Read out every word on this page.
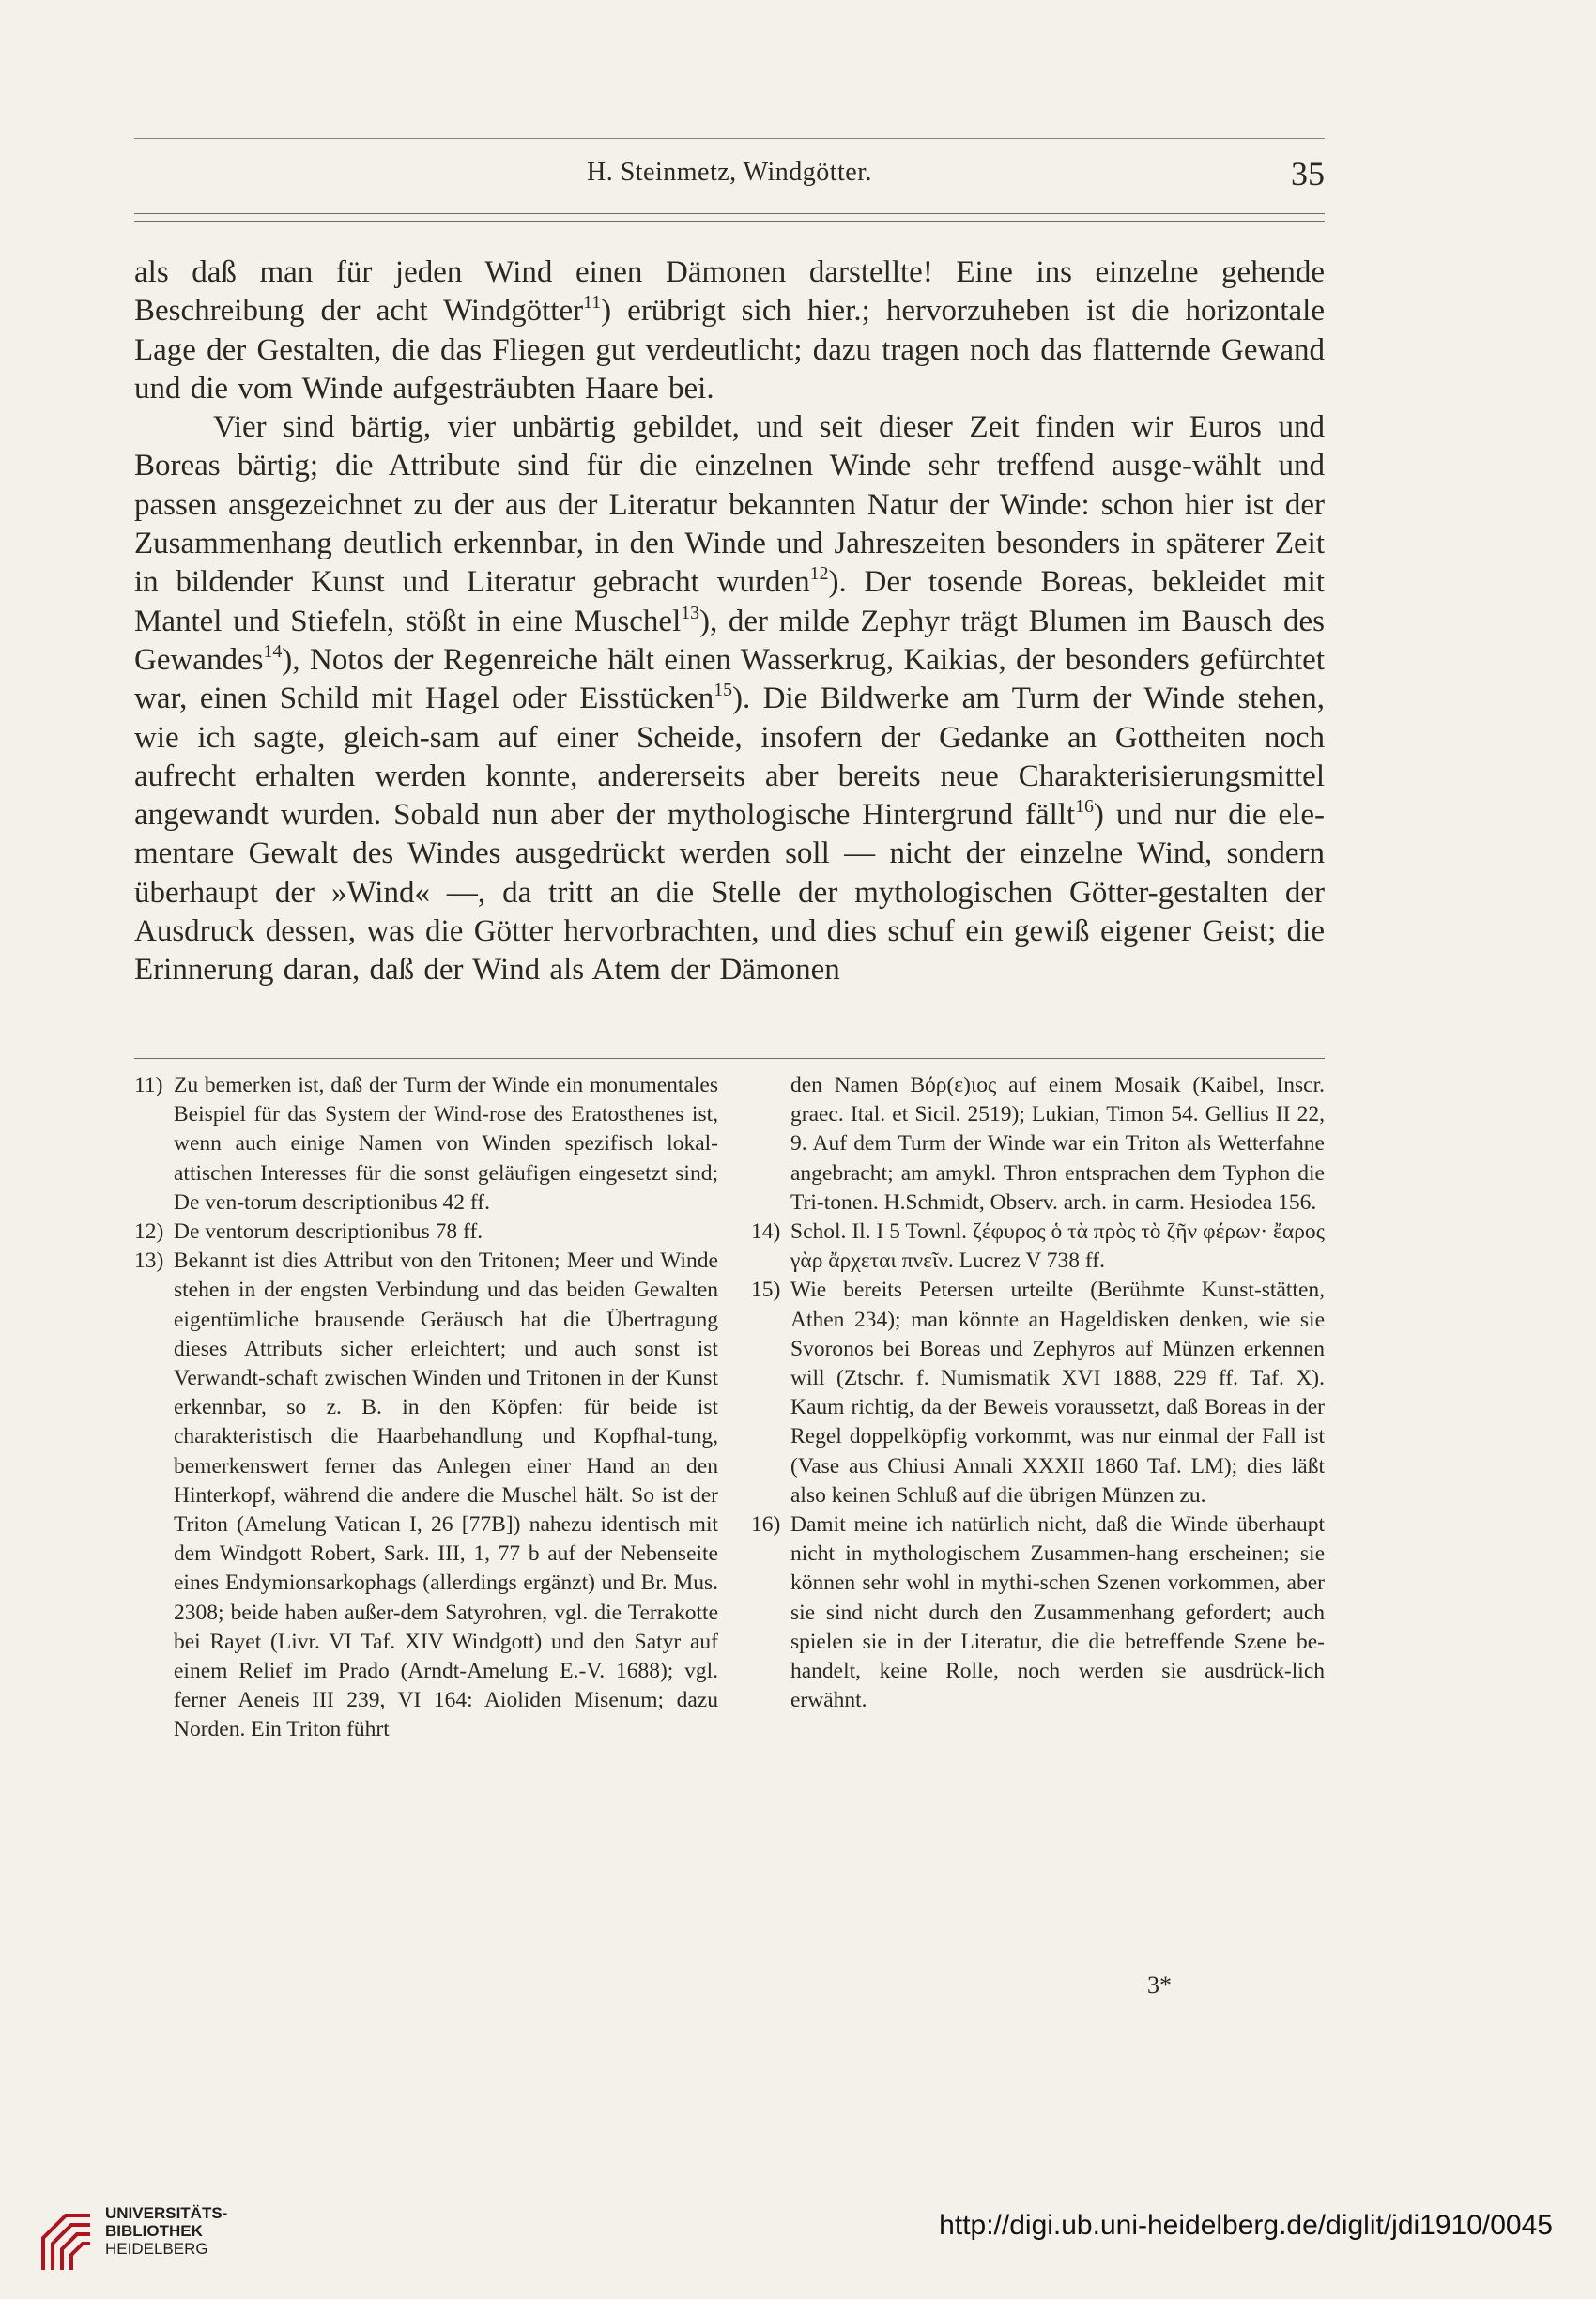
H. Steinmetz, Windgötter.	35

als daß man für jeden Wind einen Dämonen darstellte! Eine ins einzelne gehende Beschreibung der acht Windgötter$^{11}$) erübrigt sich hier.; hervorzuheben ist die horizontale Lage der Gestalten, die das Fliegen gut verdeutlicht; dazu tragen noch das flatternde Gewand und die vom Winde aufgesträubten Haare bei.

Vier sind bärtig, vier unbärtig gebildet, und seit dieser Zeit finden wir Euros und Boreas bärtig; die Attribute sind für die einzelnen Winde sehr treffend ausge-wählt und passen ansgezeichnet zu der aus der Literatur bekannten Natur der Winde: schon hier ist der Zusammenhang deutlich erkennbar, in den Winde und Jahreszeiten besonders in späterer Zeit in bildender Kunst und Literatur gebracht wurden$^{12}$). Der tosende Boreas, bekleidet mit Mantel und Stiefeln, stößt in eine Muschel$^{13}$), der milde Zephyr trägt Blumen im Bausch des Gewandes$^{14}$), Notos der Regenreiche hält einen Wasserkrug, Kaikias, der besonders gefürchtet war, einen Schild mit Hagel oder Eisstücken$^{15}$). Die Bildwerke am Turm der Winde stehen, wie ich sagte, gleich-sam auf einer Scheide, insofern der Gedanke an Gottheiten noch aufrecht erhalten werden konnte, andererseits aber bereits neue Charakterisierungsmittel angewandt wurden. Sobald nun aber der mythologische Hintergrund fällt$^{16}$) und nur die ele-mentare Gewalt des Windes ausgedrückt werden soll — nicht der einzelne Wind, sondern überhaupt der »Wind« —, da tritt an die Stelle der mythologischen Götter-gestalten der Ausdruck dessen, was die Götter hervorbrachten, und dies schuf ein gewiß eigener Geist; die Erinnerung daran, daß der Wind als Atem der Dämonen

11) Zu bemerken ist, daß der Turm der Winde ein monumentales Beispiel für das System der Wind-rose des Eratosthenes ist, wenn auch einige Namen von Winden spezifisch lokal-attischen Interesses für die sonst geläufigen eingesetzt sind; De ven-torum descriptionibus 42 ff.

12) De ventorum descriptionibus 78 ff.

13) Bekannt ist dies Attribut von den Tritonen; Meer und Winde stehen in der engsten Verbindung und das beiden Gewalten eigentümliche brausende Geräusch hat die Übertragung dieses Attributs sicher erleichtert; und auch sonst ist Verwandt-schaft zwischen Winden und Tritonen in der Kunst erkennbar, so z. B. in den Köpfen: für beide ist charakteristisch die Haarbehandlung und Kopfhal-tung, bemerkenswert ferner das Anlegen einer Hand an den Hinterkopf, während die andere die Muschel hält. So ist der Triton (Amelung Vatican I, 26 [77B]) nahezu identisch mit dem Windgott Robert, Sark. III, 1, 77 b auf der Nebenseite eines Endymionsarkophags (allerdings ergänzt) und Br. Mus. 2308; beide haben außer-dem Satyrohren, vgl. die Terrakotte bei Rayet (Livr. VI Taf. XIV Windgott) und den Satyr auf einem Relief im Prado (Arndt-Amelung E.-V. 1688); vgl. ferner Aeneis III 239, VI 164: Aioliden Misenum; dazu Norden. Ein Triton führt

den Namen Βόρ(ε)ιος auf einem Mosaik (Kaibel, Inscr. graec. Ital. et Sicil. 2519); Lukian, Timon 54. Gellius II 22, 9. Auf dem Turm der Winde war ein Triton als Wetterfahne angebracht; am amykl. Thron entsprachen dem Typhon die Tri-tonen. H.Schmidt, Observ. arch. in carm. Hesiodea 156.

14) Schol. Il. I 5 Townl. ζέφυρος ὁ τὰ πρὸς τὸ ζῆν φέρων· ἔαρος γὰρ ἄρχεται πνεῖν. Lucrez V 738 ff.

15) Wie bereits Petersen urteilte (Berühmte Kunst-stätten, Athen 234); man könnte an Hageldisken denken, wie sie Svoronos bei Boreas und Zephyros auf Münzen erkennen will (Ztschr. f. Numismatik XVI 1888, 229 ff. Taf. X). Kaum richtig, da der Beweis voraussetzt, daß Boreas in der Regel doppelköpfig vorkommt, was nur einmal der Fall ist (Vase aus Chiusi Annali XXXII 1860 Taf. LM); dies läßt also keinen Schluß auf die übrigen Münzen zu.

16) Damit meine ich natürlich nicht, daß die Winde überhaupt nicht in mythologischem Zusammen-hang erscheinen; sie können sehr wohl in mythi-schen Szenen vorkommen, aber sie sind nicht durch den Zusammenhang gefordert; auch spielen sie in der Literatur, die die betreffende Szene be-handelt, keine Rolle, noch werden sie ausdrück-lich erwähnt.

3*
UNIVERSITÄTS-
BIBLIOTHEK
HEIDELBERG
http://digi.ub.uni-heidelberg.de/diglit/jdi1910/0045
